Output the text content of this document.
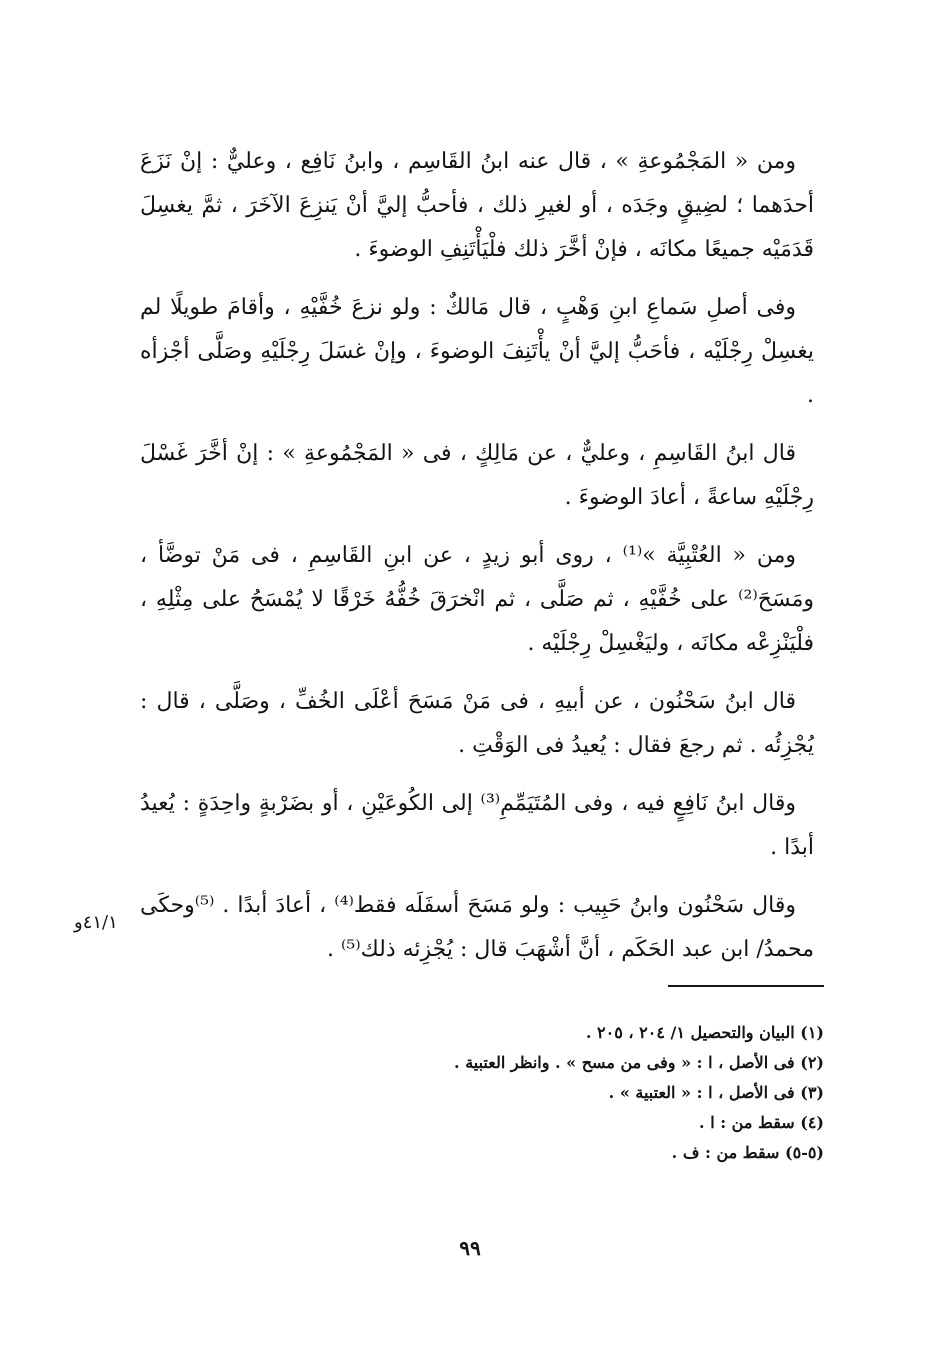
ومن « المَجْمُوعةِ » ، قال عنه ابنُ القَاسِم ، وابنُ نَافِع ، وعليٌّ : إنْ نَزَعَ أحدَهما ؛ لضِيقٍ وجَدَه ، أو لغيرِ ذلك ، فأحبُّ إليَّ أنْ يَنزِعَ الآخَرَ ، ثمَّ يغسِلَ قَدَمَيْه جميعًا مكانَه ، فإنْ أخَّرَ ذلك فلْيَأْتَنِفِ الوضوءَ .

وفى أصلِ سَماعِ ابنِ وَهْبٍ ، قال مَالكٌ : ولو نزعَ خُفَّيْهِ ، وأقامَ طويلًا لم يغسِلْ رِجْلَيْه ، فأحَبُّ إليَّ أنْ يأْتَنِفَ الوضوءَ ، وإنْ غسَلَ رِجْلَيْهِ وصَلَّى أجْزأه .

قال ابنُ القَاسِمِ ، وعليٌّ ، عن مَالِكٍ ، فى « المَجْمُوعةِ » : إنْ أخَّرَ غَسْلَ رِجْلَيْهِ ساعةً ، أعادَ الوضوءَ .

ومن « العُتْبِيَّة »⁽¹⁾ ، روى أبو زيدٍ ، عن ابنِ القَاسِمِ ، فى مَنْ توضَّأ ، ومَسَحَ⁽²⁾ على خُفَّيْهِ ، ثم صَلَّى ، ثم انْخرَقَ خُفُّهُ خَرْقًا لا يُمْسَحُ على مِثْلِهِ ، فلْيَنْزِعْه مكانَه ، وليَغْسِلْ رِجْلَيْه .

قال ابنُ سَحْنُون ، عن أبيهِ ، فى مَنْ مَسَحَ أعْلَى الخُفِّ ، وصَلَّى ، قال : يُجْزِئُه . ثم رجعَ فقال : يُعيدُ فى الوَقْتِ .

وقال ابنُ نَافِعٍ فيه ، وفى المُتَيَمِّمِ⁽³⁾ إلى الكُوعَيْنِ ، أو بضَرْبةٍ واحِدَةٍ : يُعيدُ أبدًا .

وقال سَحْنُون وابنُ حَبِيب : ولو مَسَحَ أسفَلَه فقط⁽⁴⁾ ، أعادَ أبدًا . ⁽⁵⁾وحكَى محمدُ/ ابن عبد الحَكَم ، أنَّ أشْهَبَ قال : يُجْزِئه ذلك⁽⁵⁾ .

٤١/١و
(١) البيان والتحصيل ١/ ٢٠٤ ، ٢٠٥ .
(٢) فى الأصل ، ا : « وفى من مسح » . وانظر العتبية .
(٣) فى الأصل ، ا : « العتبية » .
(٤) سقط من : ا .
(٥-٥) سقط من : ف .
٩٩
